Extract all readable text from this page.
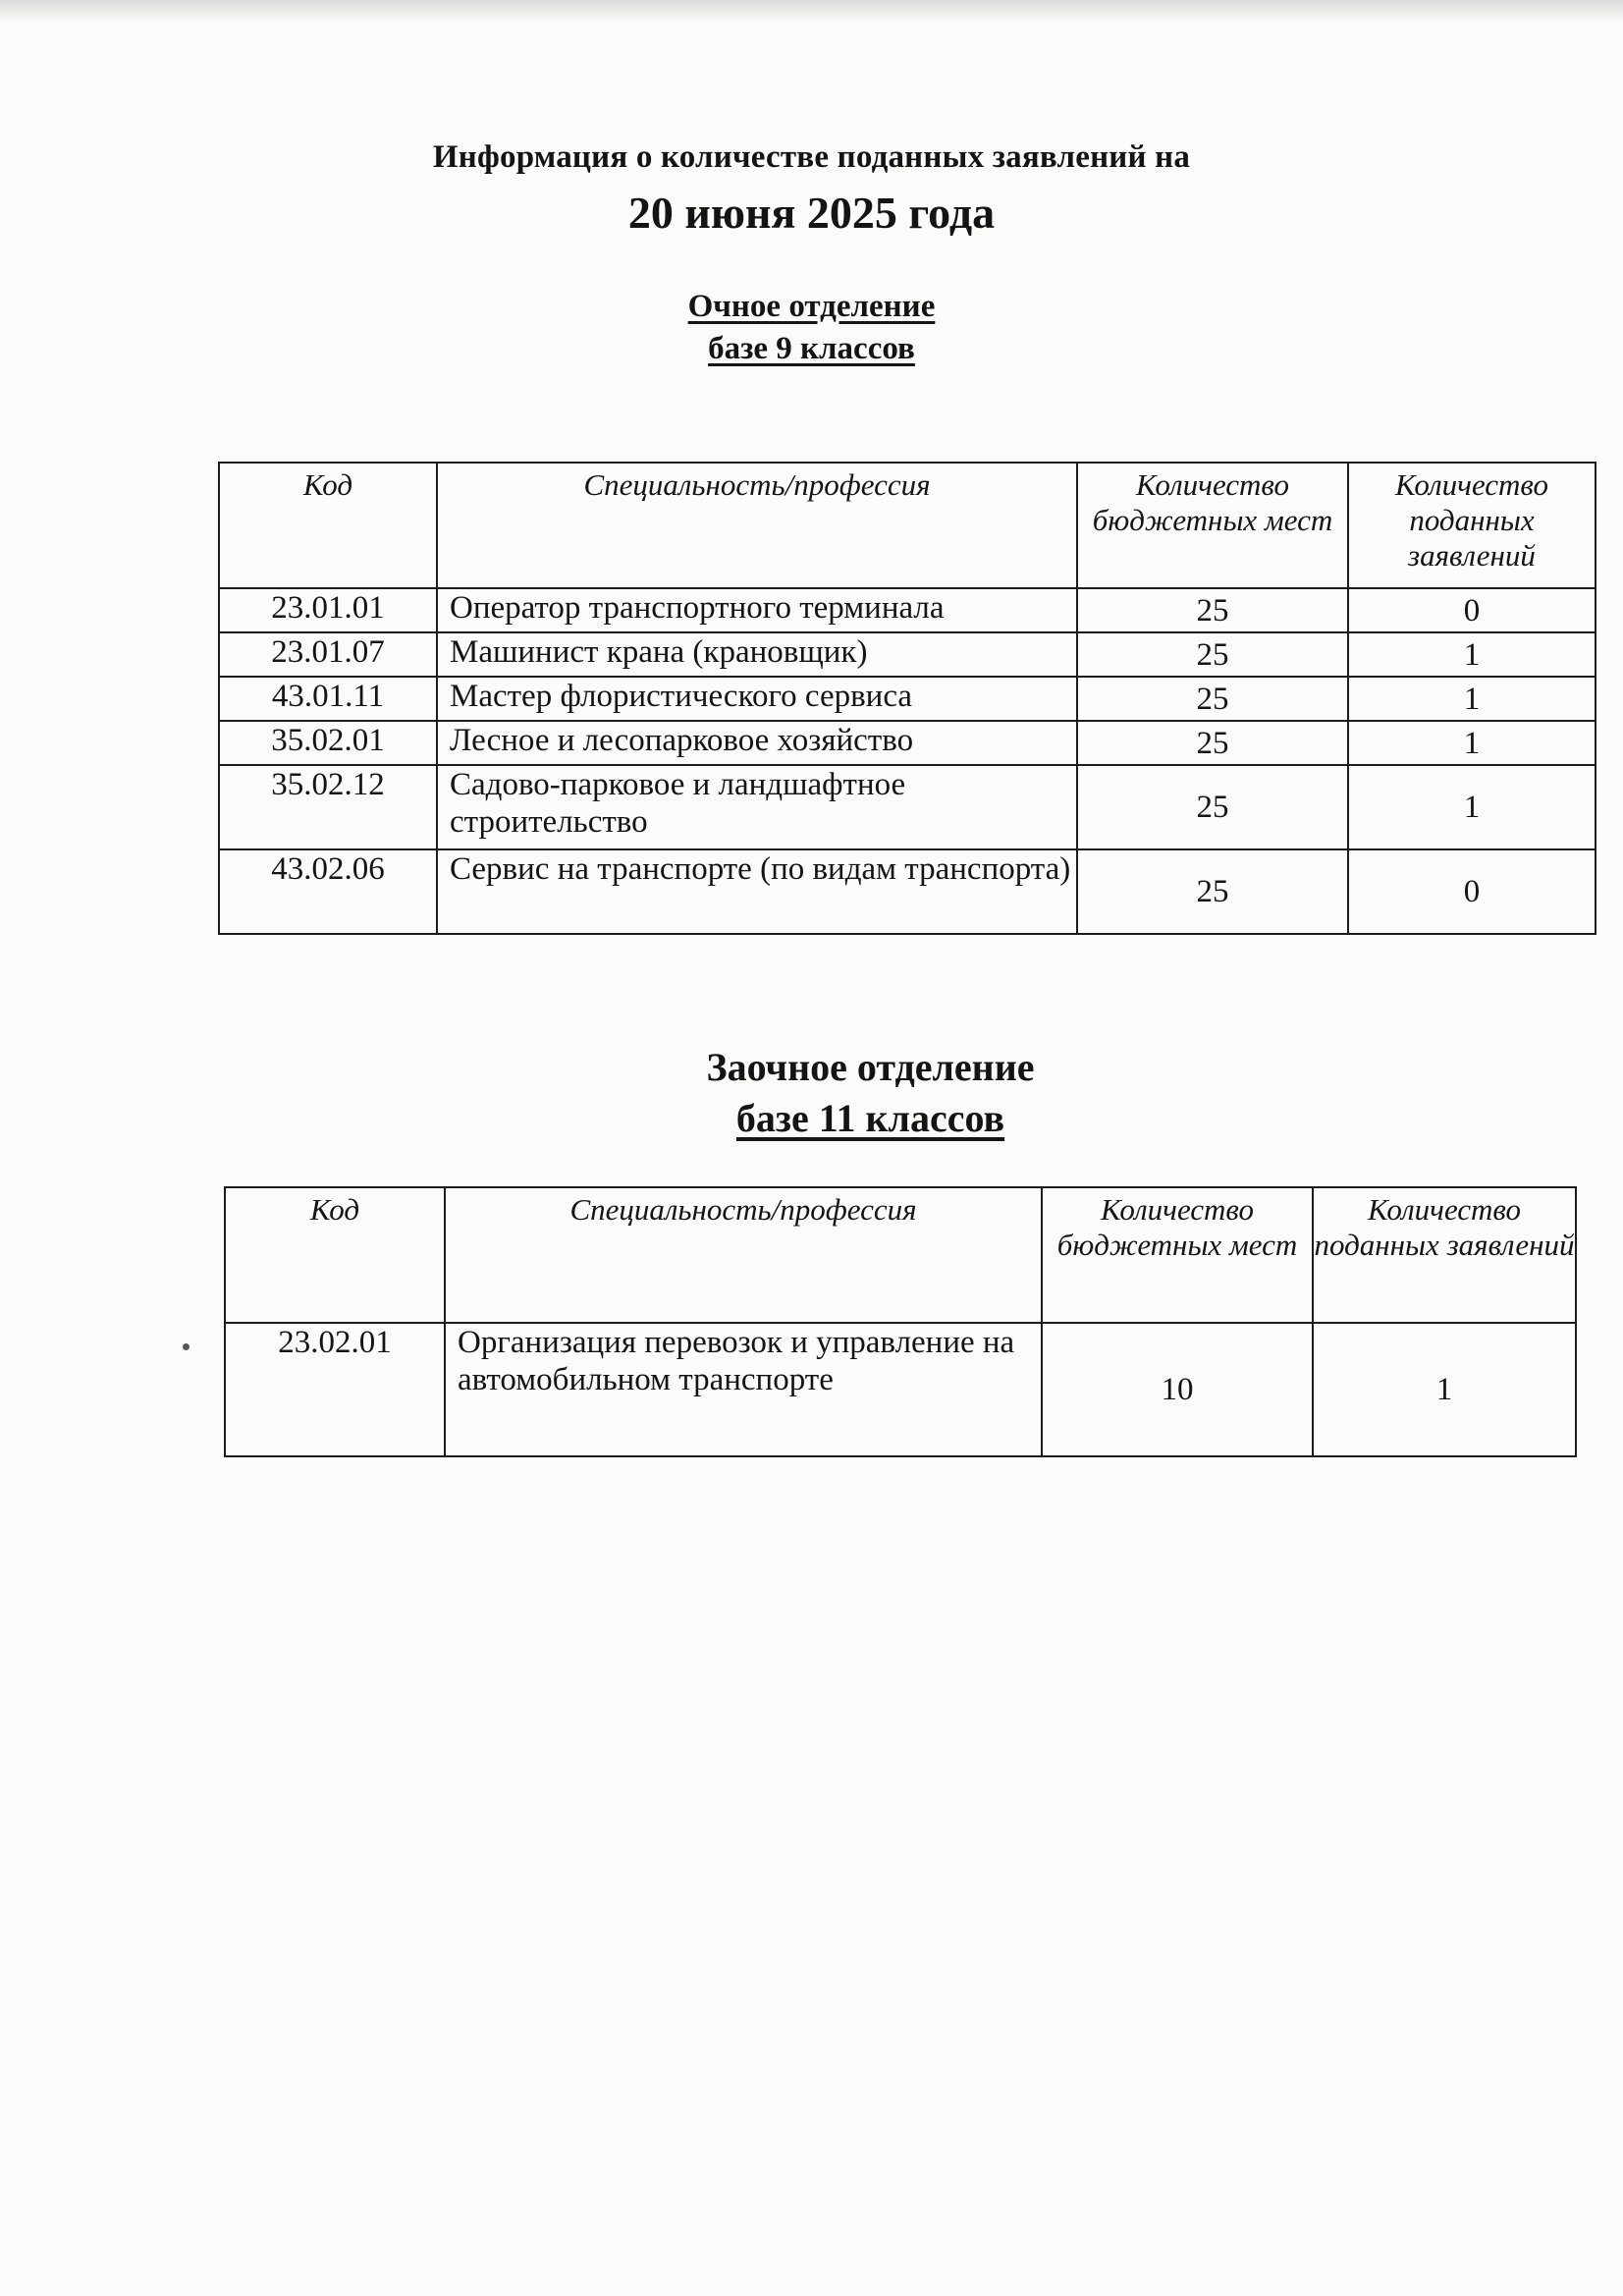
Информация о количестве поданных заявлений на
20 июня 2025 года
Очное отделение
базе 9 классов
Код	Специальность/профессия	Количество бюджетных мест	Количество поданных заявлений
23.01.01	Оператор транспортного терминала	25	0
23.01.07	Машинист крана (крановщик)	25	1
43.01.11	Мастер флористического сервиса	25	1
35.02.01	Лесное и лесопарковое хозяйство	25	1
35.02.12	Садово-парковое и ландшафтное строительство	25	1
43.02.06	Сервис на транспорте (по видам транспорта)	25	0
Заочное отделение
базе 11 классов
Код	Специальность/профессия	Количество бюджетных мест	Количество поданных заявлений
23.02.01	Организация перевозок и управление на автомобильном транспорте	10	1
